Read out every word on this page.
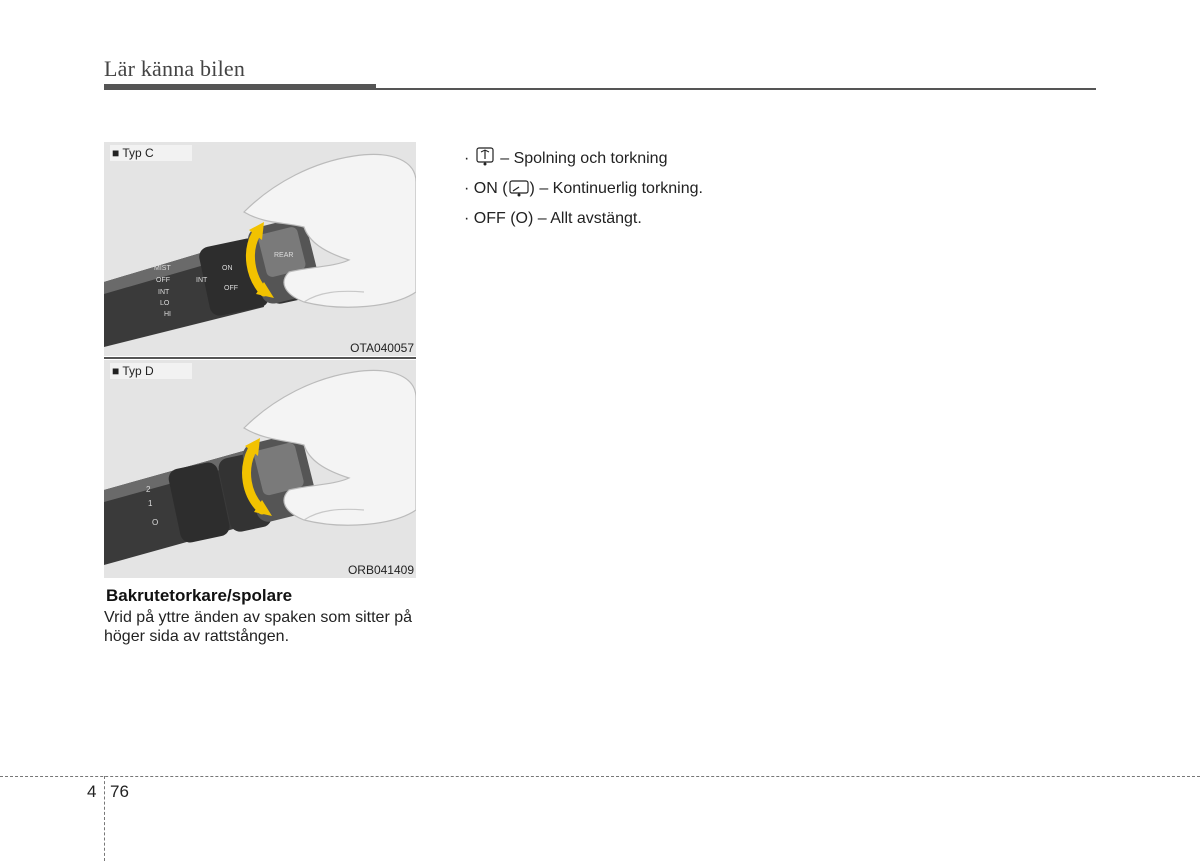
Lär känna bilen
MIST
OFF
INT
LO
HI
ON
OFF
INT
REAR
■ Typ C
OTA040057
2
1
O
■ Typ D
ORB041409
Bakrutetorkare/spolare
Vrid på yttre änden av spaken som sitter på höger sida av rattstången.
· – Spolning och torkning
· ON ( ) – Kontinuerlig torkning.
· OFF (O) – Allt avstängt.
4 76
